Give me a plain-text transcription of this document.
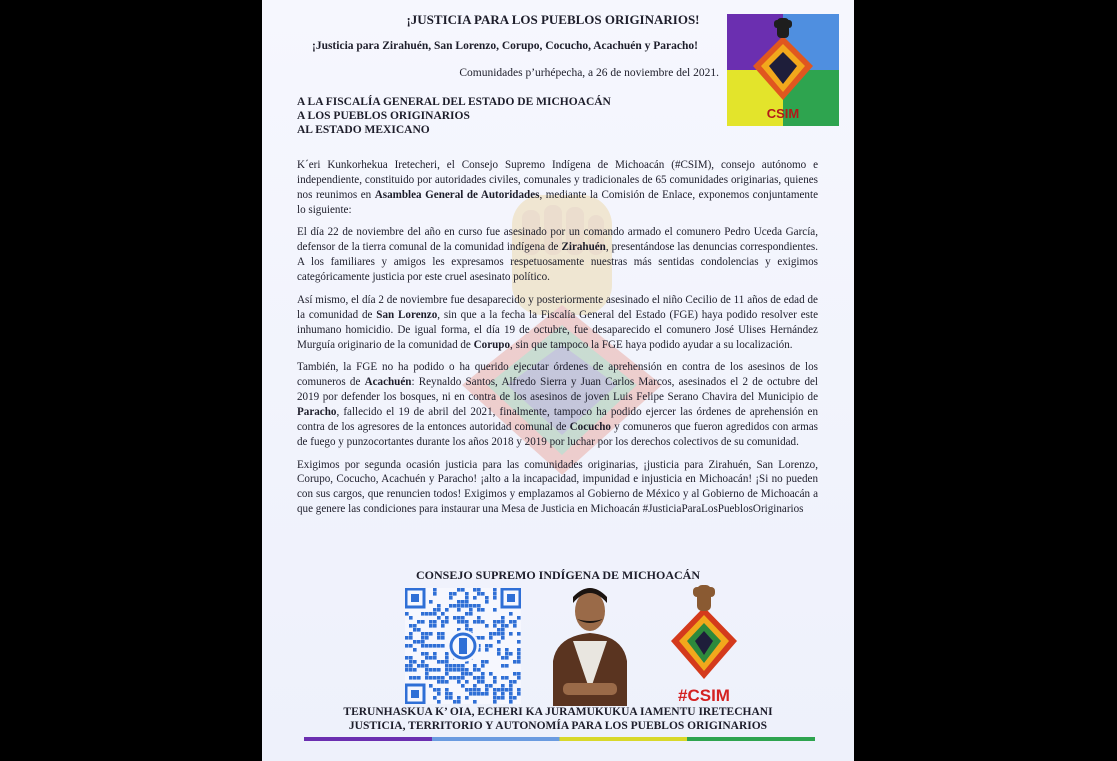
¡JUSTICIA PARA LOS PUEBLOS ORIGINARIOS!
¡Justicia para Zirahuén, San Lorenzo, Corupo, Cocucho, Acachuén y Paracho!
Comunidades p’urhépecha, a 26 de noviembre del 2021.
A LA FISCALÍA GENERAL DEL ESTADO DE MICHOACÁN
A LOS PUEBLOS ORIGINARIOS
AL ESTADO MEXICANO
CSIM

K´eri Kunkorhekua Iretecheri, el Consejo Supremo Indígena de Michoacán (#CSIM), consejo autónomo e independiente, constituido por autoridades civiles, comunales y tradicionales de 65 comunidades originarias, quienes nos reunimos en Asamblea General de Autoridades, mediante la Comisión de Enlace, exponemos conjuntamente lo siguiente:

El día 22 de noviembre del año en curso fue asesinado por un comando armado el comunero Pedro Uceda García, defensor de la tierra comunal de la comunidad indígena de Zirahuén, presentándose las denuncias correspondientes. A los familiares y amigos les expresamos respetuosamente nuestras más sentidas condolencias y exigimos categóricamente justicia por este cruel asesinato político.

Así mismo, el día 2 de noviembre fue desaparecido y posteriormente asesinado el niño Cecilio de 11 años de edad de la comunidad de San Lorenzo, sin que a la fecha la Fiscalía General del Estado (FGE) haya podido resolver este inhumano homicidio. De igual forma, el día 19 de octubre, fue desaparecido el comunero José Ulises Hernández Murguía originario de la comunidad de Corupo, sin que tampoco la FGE haya podido ayudar a su localización.

También, la FGE no ha podido o ha querido ejecutar órdenes de aprehensión en contra de los asesinos de los comuneros de Acachuén: Reynaldo Santos, Alfredo Sierra y Juan Carlos Marcos, asesinados el 2 de octubre del 2019 por defender los bosques, ni en contra de los asesinos de joven Luis Felipe Serano Chavira del Municipio de Paracho, fallecido el 19 de abril del 2021, finalmente, tampoco ha podido ejercer las órdenes de aprehensión en contra de los agresores de la entonces autoridad comunal de Cocucho y comuneros que fueron agredidos con armas de fuego y punzocortantes durante los años 2018 y 2019 por luchar por los derechos colectivos de su comunidad.

Exigimos por segunda ocasión justicia para las comunidades originarias, ¡justicia para Zirahuén, San Lorenzo, Corupo, Cocucho, Acachuén y Paracho! ¡alto a la incapacidad, impunidad e injusticia en Michoacán! ¡Si no pueden con sus cargos, que renuncien todos! Exigimos y emplazamos al Gobierno de México y al Gobierno de Michoacán a que genere las condiciones para instaurar una Mesa de Justicia en Michoacán #JusticiaParaLosPueblosOriginarios

CONSEJO SUPREMO INDÍGENA DE MICHOACÁN
#CSIM
TERUNHASKUA K’ OIA, ECHERI KA JURAMUKUKUA IAMENTU IRETECHANI
JUSTICIA, TERRITORIO Y AUTONOMÍA PARA LOS PUEBLOS ORIGINARIOS
